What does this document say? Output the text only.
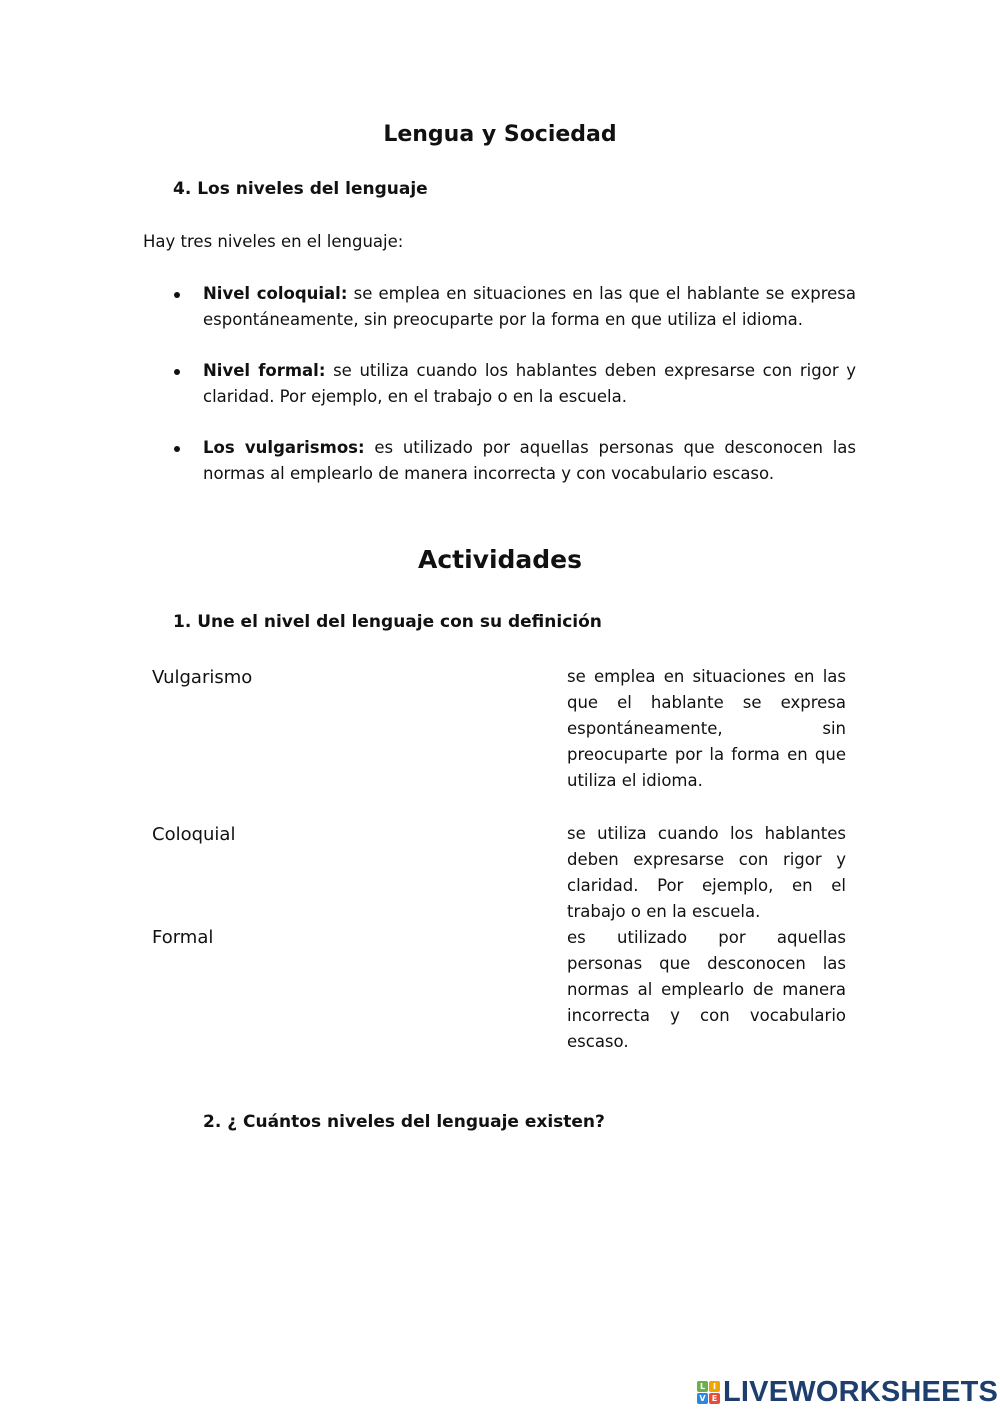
Lengua y Sociedad
4. Los niveles del lenguaje
Hay tres niveles en el lenguaje:
Nivel coloquial: se emplea en situaciones en las que el hablante se expresa espontáneamente, sin preocuparte por la forma en que utiliza el idioma.
Nivel formal: se utiliza cuando los hablantes deben expresarse con rigor y claridad. Por ejemplo, en el trabajo o en la escuela.
Los vulgarismos: es utilizado por aquellas personas que desconocen las normas al emplearlo de manera incorrecta y con vocabulario escaso.
Actividades
1. Une el nivel del lenguaje con su definición
Vulgarismo
Coloquial
Formal
se emplea en situaciones en las que el hablante se expresa espontáneamente, sin preocuparte por la forma en que utiliza el idioma.
se utiliza cuando los hablantes deben expresarse con rigor y claridad. Por ejemplo, en el trabajo o en la escuela.
es utilizado por aquellas personas que desconocen las normas al emplearlo de manera incorrecta y con vocabulario escaso.
2. ¿ Cuántos niveles del lenguaje existen?
L I
V E LIVEWORKSHEETS
